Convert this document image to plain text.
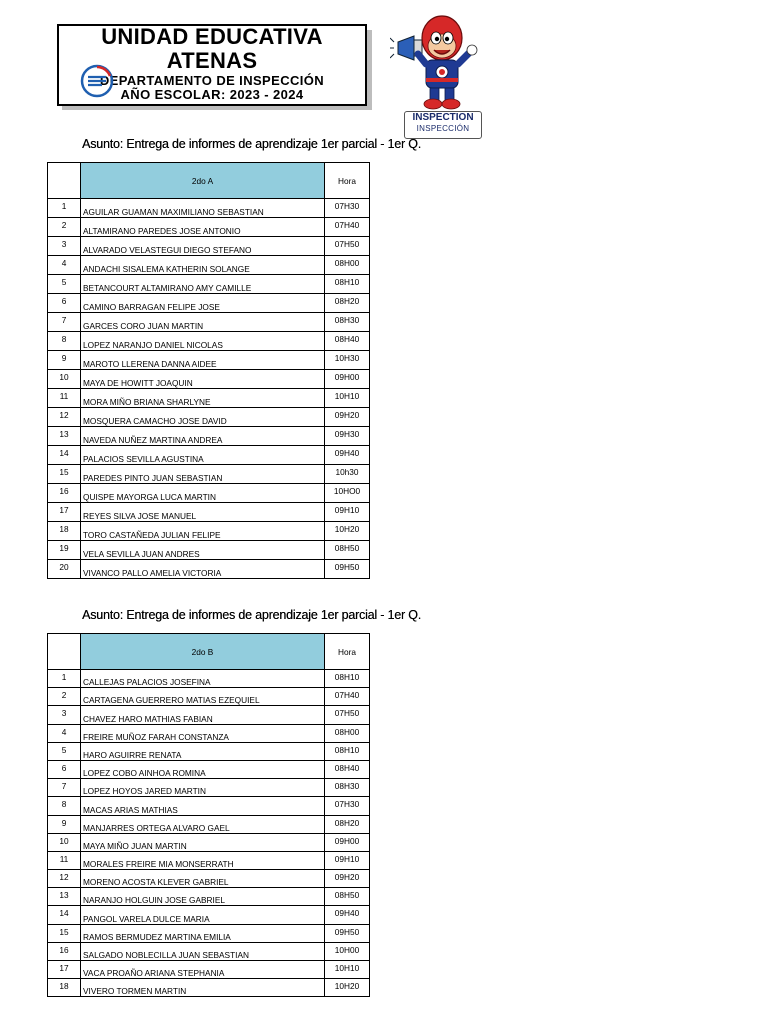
UNIDAD EDUCATIVA
ATENAS
DEPARTAMENTO DE INSPECCIÓN
AÑO ESCOLAR: 2023 - 2024
INSPECTION
INSPECCIÓN
Asunto: Entrega de informes de aprendizaje 1er parcial - 1er Q.
	2do A	Hora
1	AGUILAR GUAMAN MAXIMILIANO SEBASTIAN	07H30
2	ALTAMIRANO PAREDES JOSE ANTONIO	07H40
3	ALVARADO VELASTEGUI DIEGO STEFANO	07H50
4	ANDACHI SISALEMA KATHERIN SOLANGE	08H00
5	BETANCOURT ALTAMIRANO AMY CAMILLE	08H10
6	CAMINO BARRAGAN FELIPE JOSE	08H20
7	GARCES CORO JUAN MARTIN	08H30
8	LOPEZ NARANJO DANIEL NICOLAS	08H40
9	MAROTO LLERENA DANNA AIDEE	10H30
10	MAYA DE HOWITT JOAQUIN	09H00
11	MORA MIÑO BRIANA SHARLYNE	10H10
12	MOSQUERA CAMACHO JOSE DAVID	09H20
13	NAVEDA NUÑEZ MARTINA ANDREA	09H30
14	PALACIOS SEVILLA AGUSTINA	09H40
15	PAREDES PINTO JUAN SEBASTIAN	10h30
16	QUISPE MAYORGA LUCA MARTIN	10HO0
17	REYES SILVA JOSE MANUEL	09H10
18	TORO CASTAÑEDA JULIAN FELIPE	10H20
19	VELA SEVILLA JUAN ANDRES	08H50
20	VIVANCO PALLO AMELIA VICTORIA	09H50
Asunto: Entrega de informes de aprendizaje 1er parcial - 1er Q.
	2do B	Hora
1	CALLEJAS PALACIOS JOSEFINA	08H10
2	CARTAGENA GUERRERO MATIAS EZEQUIEL	07H40
3	CHAVEZ HARO MATHIAS FABIAN	07H50
4	FREIRE MUÑOZ FARAH CONSTANZA	08H00
5	HARO AGUIRRE RENATA	08H10
6	LOPEZ COBO AINHOA ROMINA	08H40
7	LOPEZ HOYOS JARED MARTIN	08H30
8	MACAS ARIAS MATHIAS	07H30
9	MANJARRES ORTEGA ALVARO GAEL	08H20
10	MAYA MIÑO JUAN MARTIN	09H00
11	MORALES FREIRE MIA MONSERRATH	09H10
12	MORENO ACOSTA KLEVER GABRIEL	09H20
13	NARANJO HOLGUIN JOSE GABRIEL	08H50
14	PANGOL VARELA DULCE MARIA	09H40
15	RAMOS BERMUDEZ MARTINA EMILIA	09H50
16	SALGADO NOBLECILLA JUAN SEBASTIAN	10H00
17	VACA PROAÑO ARIANA STEPHANIA	10H10
18	VIVERO TORMEN MARTIN	10H20
